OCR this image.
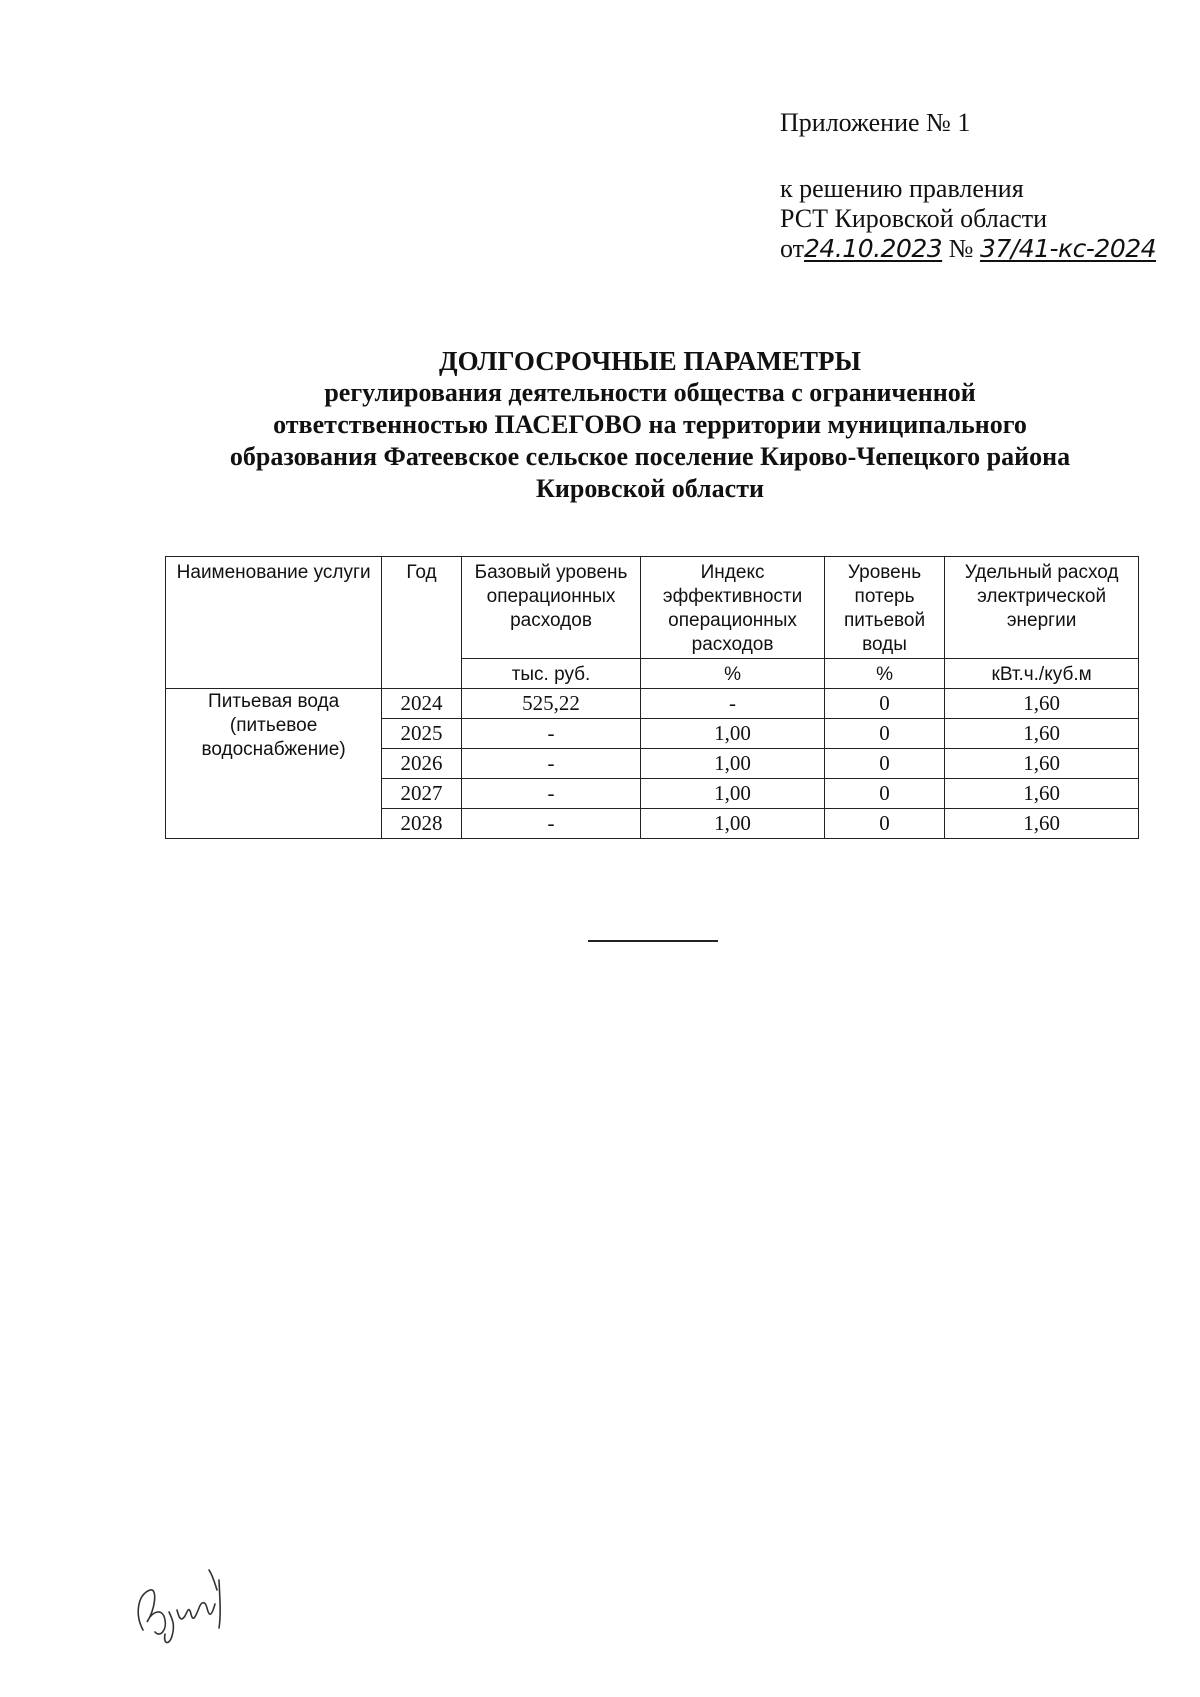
Приложение № 1
к решению правления
РСТ Кировской области
от24.10.2023 № 37/41-кс-2024
ДОЛГОСРОЧНЫЕ ПАРАМЕТРЫ
регулирования деятельности общества с ограниченной
ответственностью ПАСЕГОВО на территории муниципального
образования Фатеевское сельское поселение Кирово-Чепецкого района
Кировской области
Наименование услуги	Год	Базовый уровень операционных расходов	Индекс эффективности операционных расходов	Уровень потерь питьевой воды	Удельный расход электрической энергии
		тыс. руб.	%	%	кВт.ч./куб.м
Питьевая вода (питьевое водоснабжение)	2024	525,22	-	0	1,60
	2025	-	1,00	0	1,60
	2026	-	1,00	0	1,60
	2027	-	1,00	0	1,60
	2028	-	1,00	0	1,60
